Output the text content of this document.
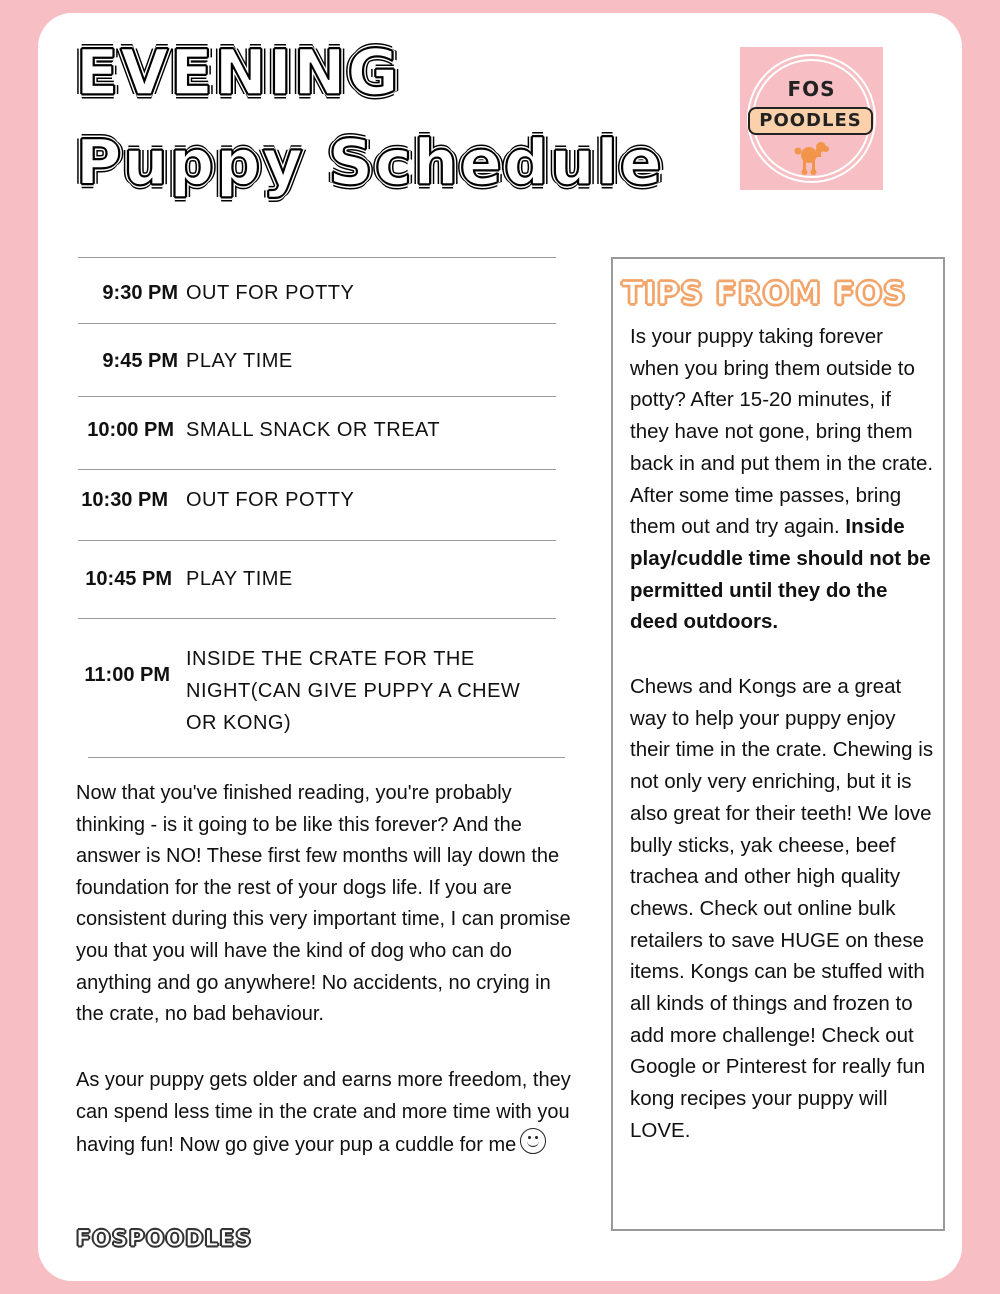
EVENING
Puppy Schedule
FOS
POODLES
9:30 PM OUT FOR POTTY
9:45 PM PLAY TIME
10:00 PM SMALL SNACK OR TREAT
10:30 PM OUT FOR POTTY
10:45 PM PLAY TIME
11:00 PM
INSIDE THE CRATE FOR THE NIGHT(CAN GIVE PUPPY A CHEW OR KONG)

Now that you've finished reading, you're probably thinking - is it going to be like this forever? And the answer is NO! These first few months will lay down the foundation for the rest of your dogs life. If you are consistent during this very important time, I can promise you that you will have the kind of dog who can do anything and go anywhere! No accidents, no crying in the crate, no bad behaviour.

As your puppy gets older and earns more freedom, they can spend less time in the crate and more time with you having fun! Now go give your pup a cuddle for me

TIPS FROM FOS

Is your puppy taking forever when you bring them outside to potty? After 15-20 minutes, if they have not gone, bring them back in and put them in the crate. After some time passes, bring them out and try again. Inside play/cuddle time should not be permitted until they do the deed outdoors.

Chews and Kongs are a great way to help your puppy enjoy their time in the crate. Chewing is not only very enriching, but it is also great for their teeth! We love bully sticks, yak cheese, beef trachea and other high quality chews. Check out online bulk retailers to save HUGE on these items. Kongs can be stuffed with all kinds of things and frozen to add more challenge! Check out Google or Pinterest for really fun kong recipes your puppy will LOVE.

FOSPOODLES
